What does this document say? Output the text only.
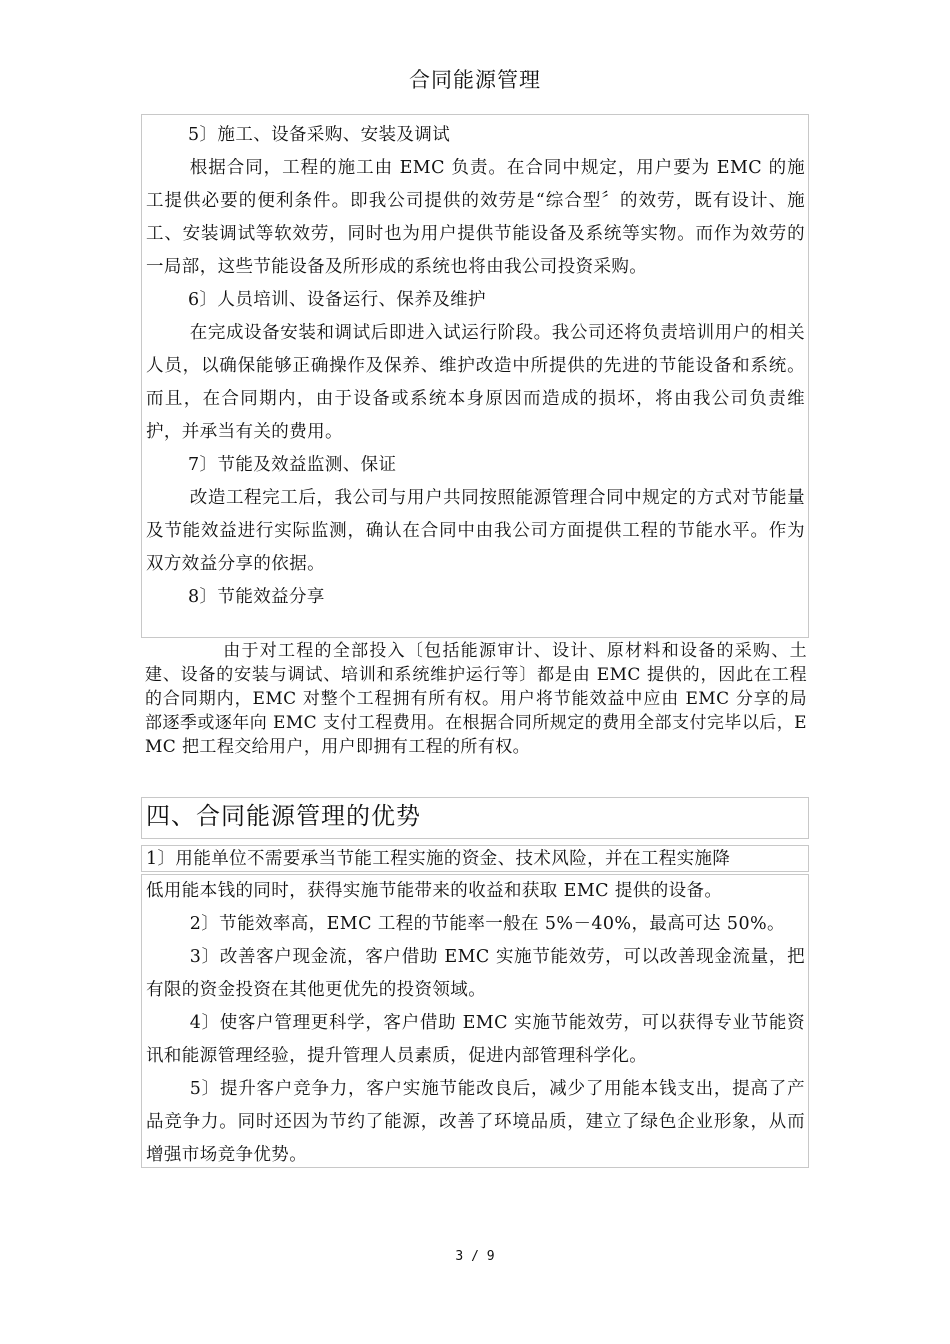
合同能源管理

5〕施工、设备采购、安装及调试

根据合同，工程的施工由 EMC 负责。在合同中规定，用户要为 EMC 的施工提供必要的便利条件。即我公司提供的效劳是“综合型〞的效劳，既有设计、施工、安装调试等软效劳，同时也为用户提供节能设备及系统等实物。而作为效劳的一局部，这些节能设备及所形成的系统也将由我公司投资采购。

6〕人员培训、设备运行、保养及维护

在完成设备安装和调试后即进入试运行阶段。我公司还将负责培训用户的相关人员，以确保能够正确操作及保养、维护改造中所提供的先进的节能设备和系统。而且，在合同期内，由于设备或系统本身原因而造成的损坏，将由我公司负责维护，并承当有关的费用。

7〕节能及效益监测、保证

改造工程完工后，我公司与用户共同按照能源管理合同中规定的方式对节能量及节能效益进行实际监测，确认在合同中由我公司方面提供工程的节能水平。作为双方效益分享的依据。

8〕节能效益分享

由于对工程的全部投入〔包括能源审计、设计、原材料和设备的采购、土建、设备的安装与调试、培训和系统维护运行等〕都是由 EMC 提供的，因此在工程的合同期内，EMC 对整个工程拥有所有权。用户将节能效益中应由 EMC 分享的局部逐季或逐年向 EMC 支付工程费用。在根据合同所规定的费用全部支付完毕以后，EMC 把工程交给用户，用户即拥有工程的所有权。

四、合同能源管理的优势

1〕用能单位不需要承当节能工程实施的资金、技术风险，并在工程实施降

低用能本钱的同时，获得实施节能带来的收益和获取 EMC 提供的设备。

2〕节能效率高，EMC 工程的节能率一般在 5%－40%，最高可达 50%。

3〕改善客户现金流，客户借助 EMC 实施节能效劳，可以改善现金流量，把有限的资金投资在其他更优先的投资领域。

4〕使客户管理更科学，客户借助 EMC 实施节能效劳，可以获得专业节能资讯和能源管理经验，提升管理人员素质，促进内部管理科学化。

5〕提升客户竞争力，客户实施节能改良后，减少了用能本钱支出，提高了产品竞争力。同时还因为节约了能源，改善了环境品质，建立了绿色企业形象，从而增强市场竞争优势。

3 / 9
